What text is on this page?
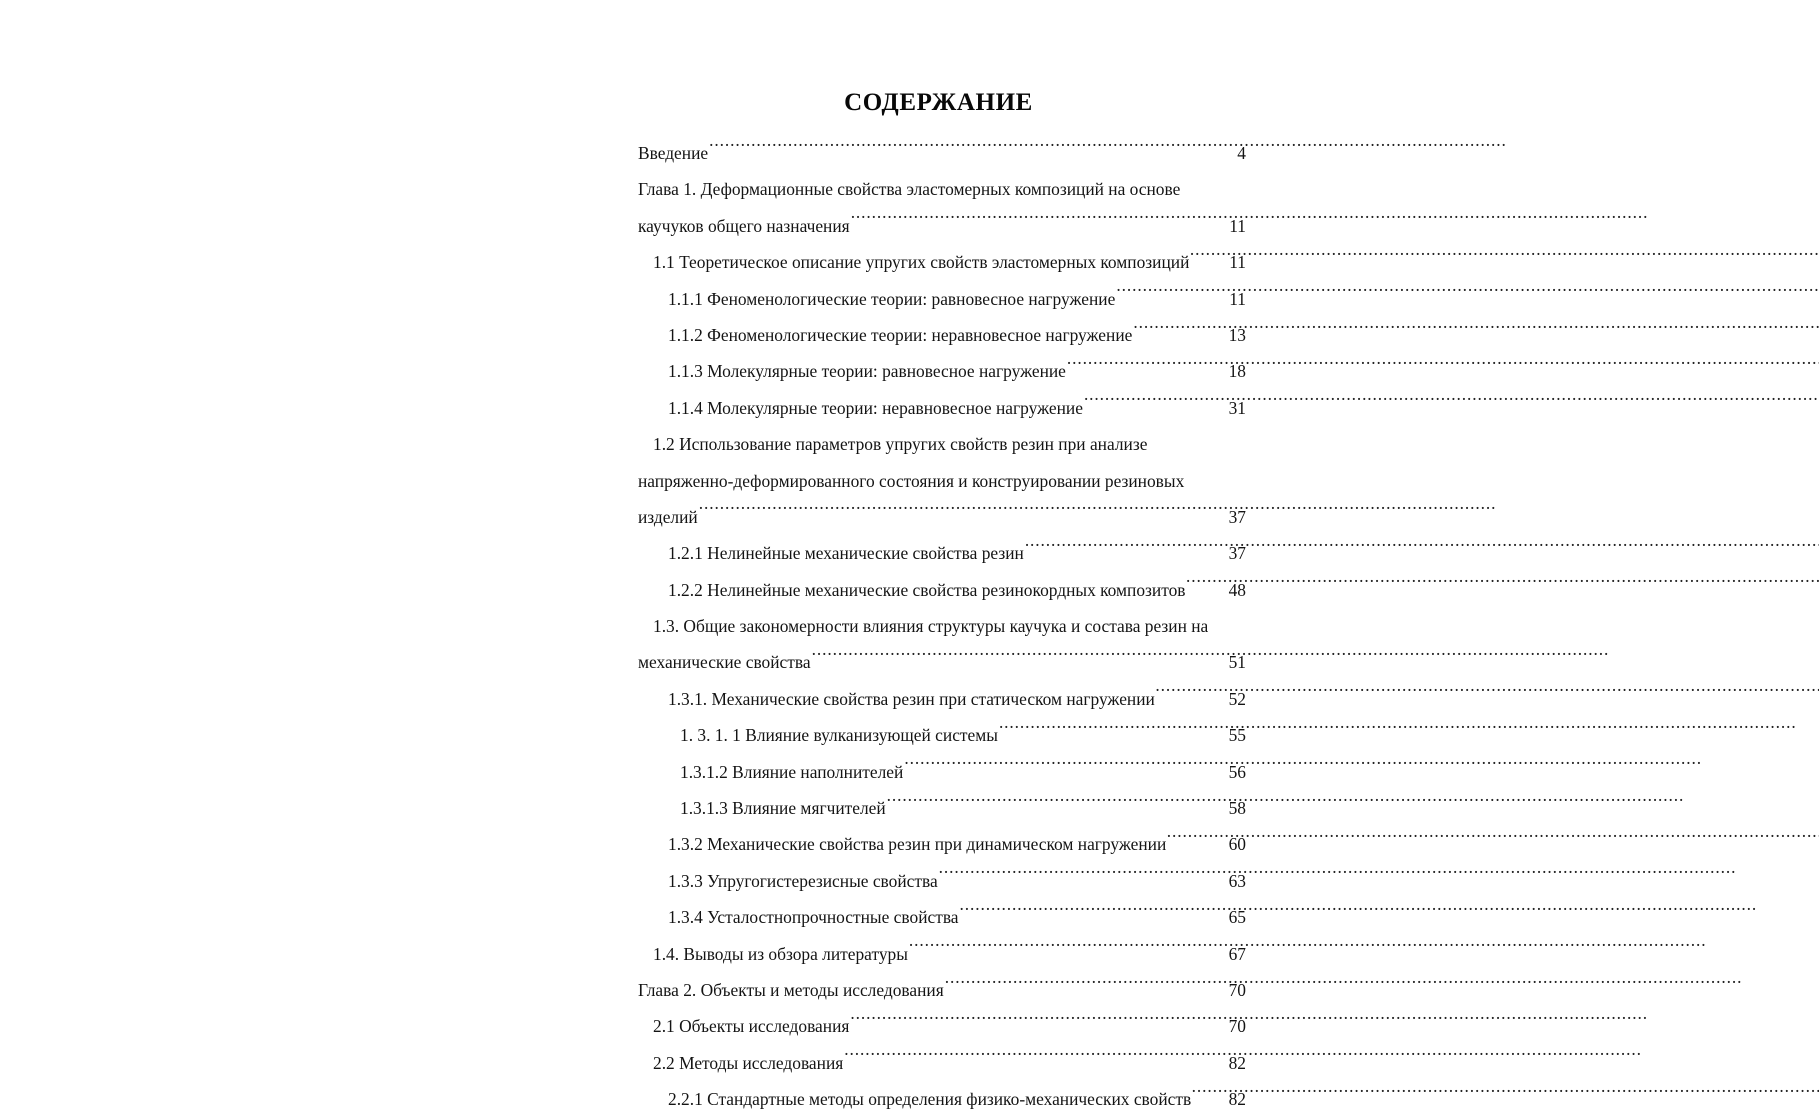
СОДЕРЖАНИЕ
Введение .....	4
Глава 1. Деформационные свойства эластомерных композиций на основе
каучуков общего назначения .....	11
1.1 Теоретическое описание упругих свойств эластомерных композиций .....	11
1.1.1 Феноменологические теории: равновесное нагружение .....	11
1.1.2 Феноменологические теории: неравновесное нагружение .....	13
1.1.3 Молекулярные теории: равновесное нагружение .....	18
1.1.4 Молекулярные теории: неравновесное нагружение .....	31
1.2 Использование параметров упругих свойств резин при анализе
напряженно-деформированного состояния и конструировании резиновых
изделий .....	37
1.2.1 Нелинейные механические свойства резин .....	37
1.2.2 Нелинейные механические свойства резинокордных композитов .....	48
1.3. Общие закономерности влияния структуры каучука и состава резин на
механические свойства .....	51
1.3.1. Механические свойства резин при статическом нагружении .....	52
1. 3. 1. 1 Влияние вулканизующей системы .....	55
1.3.1.2 Влияние наполнителей .....	56
1.3.1.3 Влияние мягчителей .....	58
1.3.2 Механические свойства резин при динамическом нагружении .....	60
1.3.3 Упругогистерезисные свойства .....	63
1.3.4 Усталостнопрочностные свойства .....	65
1.4. Выводы из обзора литературы .....	67
Глава 2. Объекты и методы исследования .....	70
2.1 Объекты исследования .....	70
2.2 Методы исследования .....	82
2.2.1 Стандартные методы определения физико-механических свойств .....	82
